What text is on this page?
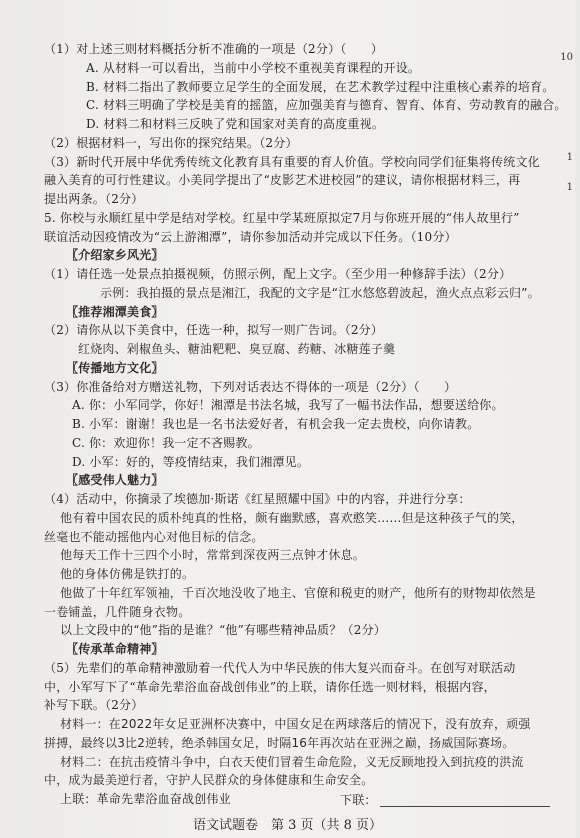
（1）对上述三则材料概括分析不准确的一项是（2分）（　　）
A. 从材料一可以看出，当前中小学校不重视美育课程的开设。
B. 材料二指出了教师要立足学生的全面发展，在艺术教学过程中注重核心素养的培育。
C. 材料三明确了学校是美育的摇篮，应加强美育与德育、智育、体育、劳动教育的融合。
D. 材料二和材料三反映了党和国家对美育的高度重视。
（2）根据材料一，写出你的探究结果。（2分）
（3）新时代开展中华优秀传统文化教育具有重要的育人价值。学校向同学们征集将传统文化
融入美育的可行性建议。小美同学提出了“皮影艺术进校园”的建议，请你根据材料三，再
提出两条。（2分）
5. 你校与永顺红星中学是结对学校。红星中学某班原拟定7月与你班开展的“伟人故里行”
联谊活动因疫情改为“云上游湘潭”，请你参加活动并完成以下任务。（10分）
〖介绍家乡风光〗
（1）请任选一处景点拍摄视频，仿照示例，配上文字。（至少用一种修辞手法）（2分）
示例：我拍摄的景点是湘江，我配的文字是“江水悠悠碧波起，渔火点点彩云归”。
〖推荐湘潭美食〗
（2）请你从以下美食中，任选一种，拟写一则广告词。（2分）
红烧肉、剁椒鱼头、糖油粑粑、臭豆腐、药糖、冰糖莲子羹
〖传播地方文化〗
（3）你准备给对方赠送礼物，下列对话表达不得体的一项是（2分）（　　）
A. 你：小军同学，你好！湘潭是书法名城，我写了一幅书法作品，想要送给你。
B. 小军：谢谢！我也是一名书法爱好者，有机会我一定去贵校，向你请教。
C. 你：欢迎你！我一定不吝赐教。
D. 小军：好的，等疫情结束，我们湘潭见。
〖感受伟人魅力〗
（4）活动中，你摘录了埃德加·斯诺《红星照耀中国》中的内容，并进行分享：
他有着中国农民的质朴纯真的性格，颇有幽默感，喜欢憨笑……但是这种孩子气的笑，
丝毫也不能动摇他内心对他目标的信念。
他每天工作十三四个小时，常常到深夜两三点钟才休息。
他的身体仿佛是铁打的。
他做了十年红军领袖，千百次地没收了地主、官僚和税吏的财产，他所有的财物却依然是
一卷铺盖，几件随身衣物。
以上文段中的“他”指的是谁？“他”有哪些精神品质？（2分）
〖传承革命精神〗
（5）先辈们的革命精神激励着一代代人为中华民族的伟大复兴而奋斗。在创写对联活动
中，小军写下了“革命先辈浴血奋战创伟业”的上联，请你任选一则材料，根据内容，
补写下联。（2分）
材料一：在2022年女足亚洲杯决赛中，中国女足在两球落后的情况下，没有放弃，顽强
拼搏，最终以3比2逆转，绝杀韩国女足，时隔16年再次站在亚洲之巅，扬威国际赛场。
材料二：在抗击疫情斗争中，白衣天使们冒着生命危险，义无反顾地投入到抗疫的洪流
中，成为最美逆行者，守护人民群众的身体健康和生命安全。
上联：革命先辈浴血奋战创伟业	下联：
10
1
1
语文试题卷　第 3 页（共 8 页）
